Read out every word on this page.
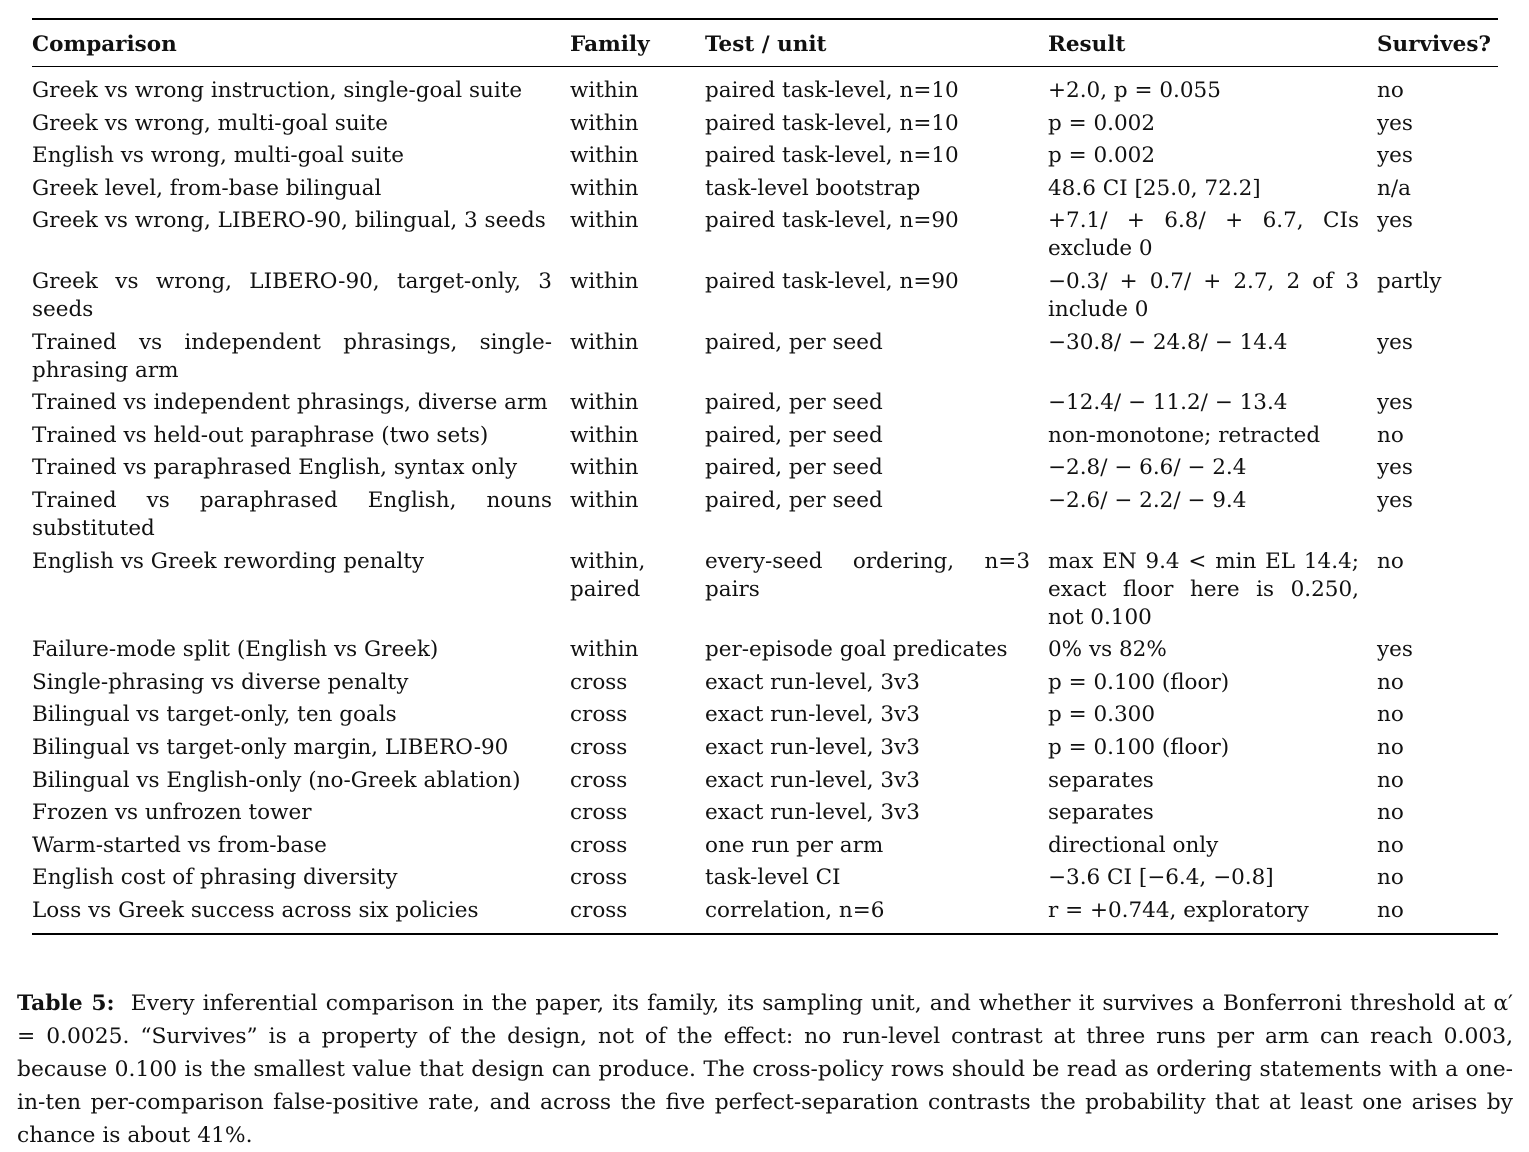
Comparison	Family	Test / unit	Result	Survives?

Greek vs wrong instruction, single-goal suite	within	paired task-level, n=10	+2.0, p = 0.055	no
Greek vs wrong, multi-goal suite	within	paired task-level, n=10	p = 0.002	yes
English vs wrong, multi-goal suite	within	paired task-level, n=10	p = 0.002	yes
Greek level, from-base bilingual	within	task-level bootstrap	48.6 CI [25.0, 72.2]	n/a
Greek vs wrong, LIBERO-90, bilingual, 3 seeds	within	paired task-level, n=90	+7.1/ + 6.8/ + 6.7, CIs exclude 0	yes
Greek vs wrong, LIBERO-90, target-only, 3 seeds	within	paired task-level, n=90	−0.3/ + 0.7/ + 2.7, 2 of 3 include 0	partly
Trained vs independent phrasings, single-phrasing arm	within	paired, per seed	−30.8/ − 24.8/ − 14.4	yes
Trained vs independent phrasings, diverse arm	within	paired, per seed	−12.4/ − 11.2/ − 13.4	yes
Trained vs held-out paraphrase (two sets)	within	paired, per seed	non-monotone; retracted	no
Trained vs paraphrased English, syntax only	within	paired, per seed	−2.8/ − 6.6/ − 2.4	yes
Trained vs paraphrased English, nouns substituted	within	paired, per seed	−2.6/ − 2.2/ − 9.4	yes
English vs Greek rewording penalty	within, paired	every-seed ordering, n=3 pairs	max EN 9.4 < min EL 14.4; exact floor here is 0.250, not 0.100	no
Failure-mode split (English vs Greek)	within	per-episode goal predicates	0% vs 82%	yes
Single-phrasing vs diverse penalty	cross	exact run-level, 3v3	p = 0.100 (floor)	no
Bilingual vs target-only, ten goals	cross	exact run-level, 3v3	p = 0.300	no
Bilingual vs target-only margin, LIBERO-90	cross	exact run-level, 3v3	p = 0.100 (floor)	no
Bilingual vs English-only (no-Greek ablation)	cross	exact run-level, 3v3	separates	no
Frozen vs unfrozen tower	cross	exact run-level, 3v3	separates	no
Warm-started vs from-base	cross	one run per arm	directional only	no
English cost of phrasing diversity	cross	task-level CI	−3.6 CI [−6.4, −0.8]	no
Loss vs Greek success across six policies	cross	correlation, n=6	r = +0.744, exploratory	no

Table 5: Every inferential comparison in the paper, its family, its sampling unit, and whether it survives a Bonferroni threshold at α′ = 0.0025. “Survives” is a property of the design, not of the effect: no run-level contrast at three runs per arm can reach 0.003, because 0.100 is the smallest value that design can produce. The cross-policy rows should be read as ordering statements with a one-in-ten per-comparison false-positive rate, and across the five perfect-separation contrasts the probability that at least one arises by chance is about 41%.
